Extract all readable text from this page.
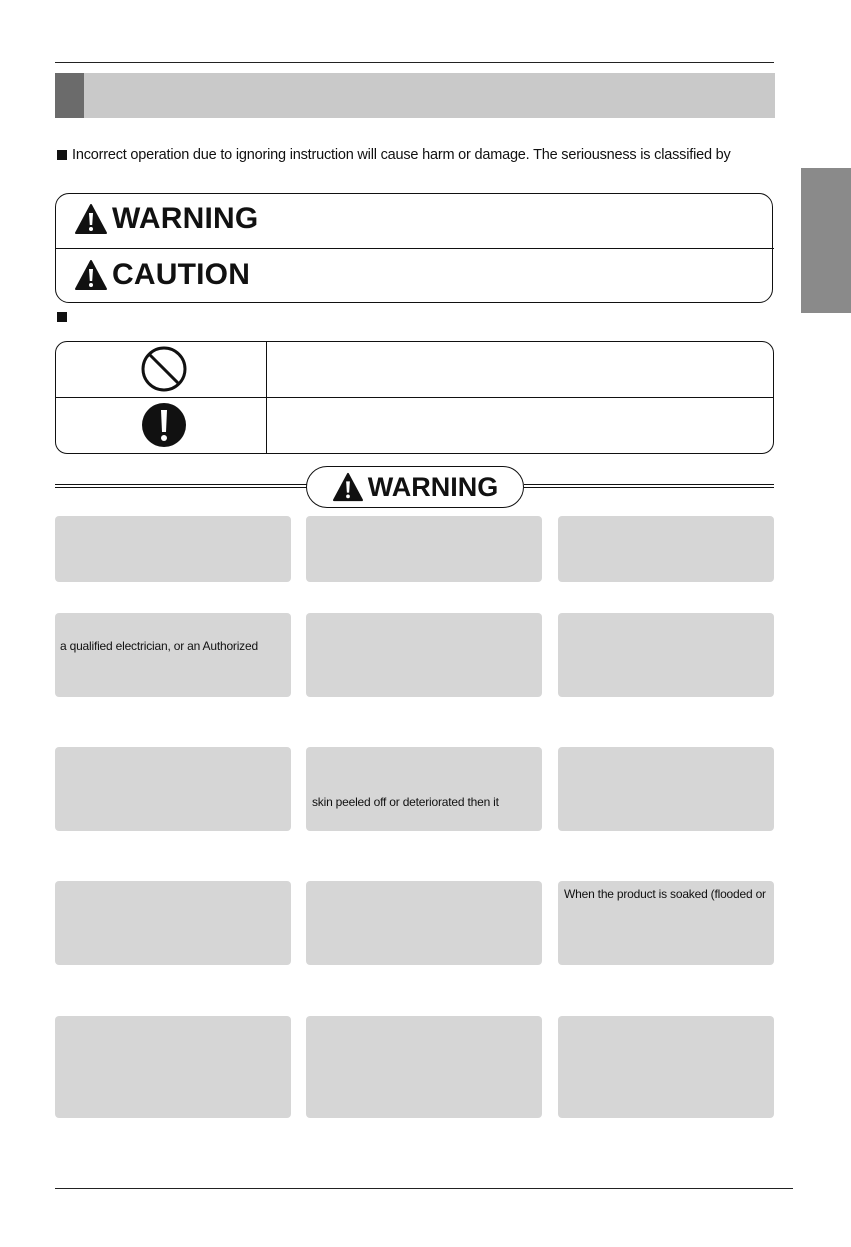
Incorrect operation due to ignoring instruction will cause harm or damage. The seriousness is classified by
WARNING
CAUTION
WARNING
a qualified electrician, or an Authorized
skin peeled off or deteriorated then it
When the product is soaked (flooded or
